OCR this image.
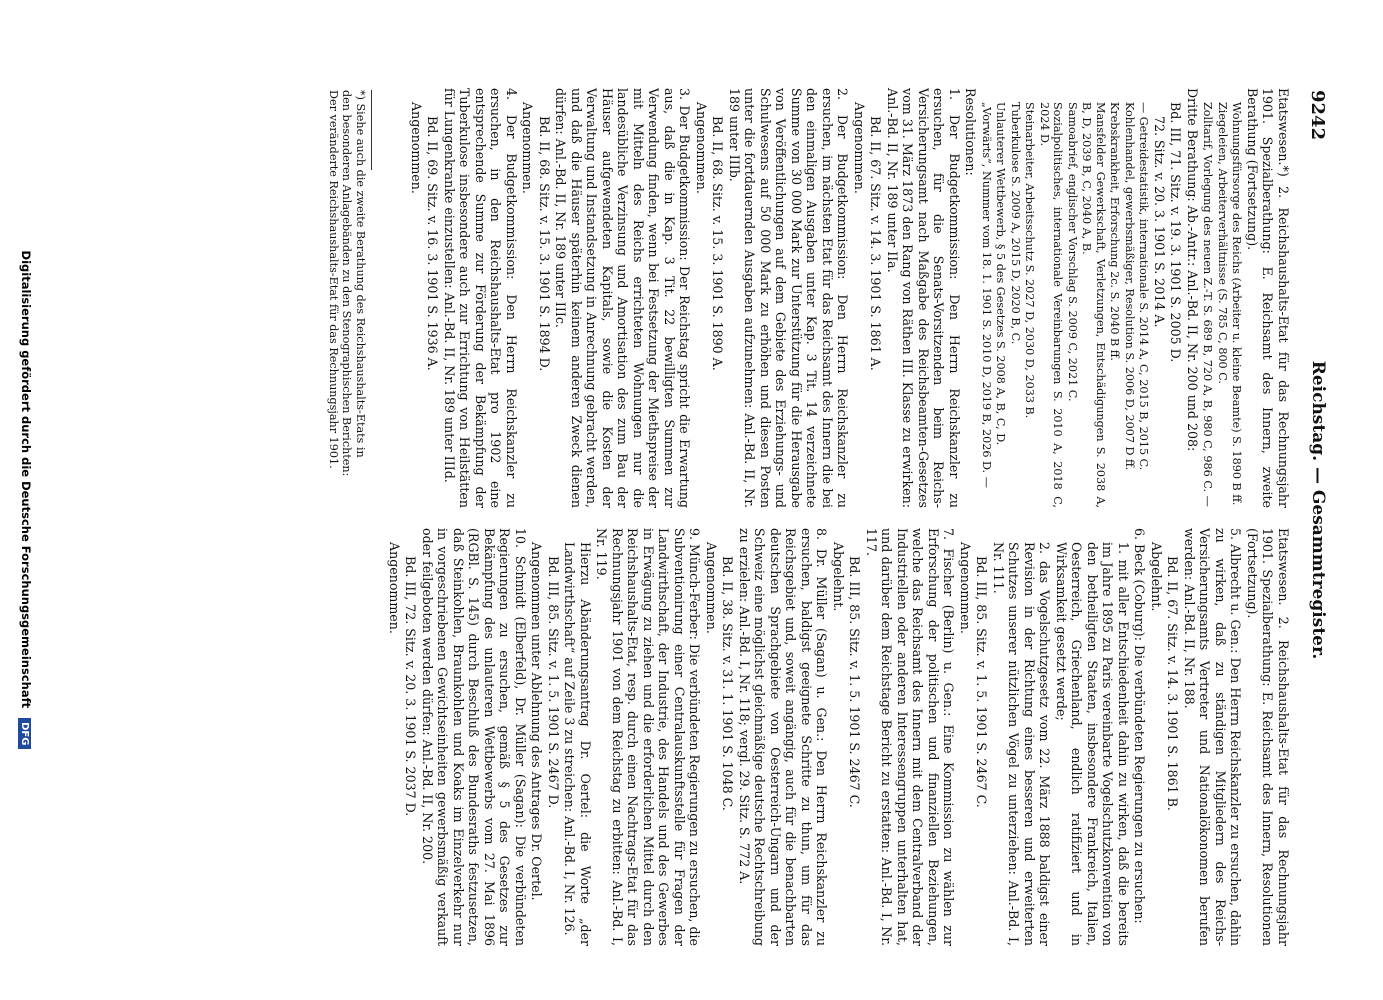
9242
Reichstag. — Gesammtregister.

Etatswesen.*) 2. Reichshaushalts-Etat für das Rechnungsjahr 1901. Spezialberathung: E. Reichsamt des Innern, zweite Berathung (Fortsetzung).

Wohnungsfürsorge des Reichs (Arbeiter u. kleine Beamte) S. 1890 B ff.

Ziegeleien, Arbeiterverhältnisse (S. 785 C, 800 C.

Zolltarif, Vorlegung des neuen Z.-T. S. 689 B, 720 A, B, 980 C, 986 C. —

Dritte Berathung: Ab.-Antr.: Anl.-Bd. II, Nr. 200 und 208:

Bd. III, 71. Sitz. v. 19. 3. 1901 S. 2005 D.

72. Sitz. v. 20. 3. 1901 S. 2014 A.

— Getreidestatistik, internationale S. 2014 A, C, 2015 B, 2015 C.

Kohlenhandel, gewerbsmäßiger, Resolution S. 2006 D, 2007 D ff.

Krebskrankheit, Erforschung 2c. S. 2040 B ff.

Mansfelder Gewerkschaft, Verletzungen, Entschädigungen S. 2038 A, B, D, 2039 B, C, 2040 A, B.

Samoabrief, englischer Vorschlag S. 2009 C, 2021 C.

Sozialpolitisches, internationale Vereinbarungen S. 2010 A, 2018 C, 2024 D.

Steinarbeiter, Arbeitsschutz S. 2027 D, 2030 D, 2033 B.

Tuberkulose S. 2009 A, 2015 D, 2020 B, C.

Unlauterer Wettbewerb, § 5 des Gesetzes S. 2008 A, B, C, D.

„Vorwärts“, Nummer vom 18. 1. 1901 S. 2010 D, 2019 B, 2026 D. —

Resolutionen:

1. Der Budgetkommission: Den Herrn Reichskanzler zu ersuchen, für die Senats-Vorsitzenden beim Reichs-Versicherungsamt nach Maßgabe des Reichsbeamten-Gesetzes vom 31. März 1873 den Rang von Räthen III. Klasse zu erwirken: Anl.-Bd. II, Nr. 189 unter IIa.

Bd. II, 67. Sitz. v. 14. 3. 1901 S. 1861 A.

Angenommen.

2. Der Budgetkommission: Den Herrn Reichskanzler zu ersuchen, im nächsten Etat für das Reichsamt des Innern die bei den einmaligen Ausgaben unter Kap. 3 Tit. 14 verzeichnete Summe von 30 000 Mark zur Unterstützung für die Herausgabe von Veröffentlichungen auf dem Gebiete des Erziehungs- und Schulwesens auf 50 000 Mark zu erhöhen und diesen Posten unter die fortdauernden Ausgaben aufzunehmen: Anl.-Bd. II, Nr. 189 unter IIIb.

Bd. II, 68. Sitz. v. 15. 3. 1901 S. 1890 A.

Angenommen.

3. Der Budgetkommission: Der Reichstag spricht die Erwartung aus, daß die in Kap. 3 Tit. 22 bewilligten Summen zur Verwendung finden, wenn bei Festsetzung der Miethspreise der mit Mitteln des Reichs errichteten Wohnungen nur die landesübliche Verzinsung und Amortisation des zum Bau der Häuser aufgewendeten Kapitals, sowie die Kosten der Verwaltung und Instandsetzung in Anrechnung gebracht werden, und daß die Häuser späterhin keinem anderen Zweck dienen dürfen: Anl.-Bd. II, Nr. 189 unter IIIc.

Bd. II, 68. Sitz. v. 15. 3. 1901 S. 1894 D.

Angenommen.

4. Der Budgetkommission: Den Herrn Reichskanzler zu ersuchen, in den Reichshaushalts-Etat pro 1902 eine entsprechende Summe zur Förderung der Bekämpfung der Tuberkulose insbesondere auch zur Errichtung von Heilstätten für Lungenkranke einzustellen: Anl.-Bd. II, Nr. 189 unter IIId.

Bd. II, 69. Sitz. v. 16. 3. 1901 S. 1936 A.

Angenommen.

*) Siehe auch die zweite Berathung des Reichshaushalts-Etats in den besonderen Anlagebänden zu den Stenographischen Berichten: Der veränderte Reichshaushalts-Etat für das Rechnungsjahr 1901.

Etatswesen. 2. Reichshaushalts-Etat für das Rechnungsjahr 1901. Spezialberathung: E. Reichsamt des Innern, Resolutionen (Fortsetzung).

5. Albrecht u. Gen.: Den Herrn Reichskanzler zu ersuchen, dahin zu wirken, daß zu ständigen Mitgliedern des Reichs-Versicherungsamts Vertreter und Nationalökonomen berufen werden: Anl.-Bd. II, Nr. 188.

Bd. II, 67. Sitz. v. 14. 3. 1901 S. 1861 B.

Abgelehnt.

6. Beck (Coburg): Die verbündeten Regierungen zu ersuchen:

1. mit aller Entschiedenheit dahin zu wirken, daß die bereits im Jahre 1895 zu Paris vereinbarte Vogelschutzkonvention von den betheiligten Staaten, insbesondere Frankreich, Italien, Oesterreich, Griechenland, endlich ratifiziert und in Wirksamkeit gesetzt werde;

2. das Vogelschutzgesetz vom 22. März 1888 baldigst einer Revision in der Richtung eines besseren und erweiterten Schutzes unserer nützlichen Vögel zu unterziehen: Anl.-Bd. I, Nr. 111.

Bd. III, 85. Sitz. v. 1. 5. 1901 S. 2467 C.

Angenommen.

7. Fischer (Berlin) u. Gen.: Eine Kommission zu wählen zur Erforschung der politischen und finanziellen Beziehungen, welche das Reichsamt des Innern mit dem Centralverband der Industriellen oder anderen Interessengruppen unterhalten hat, und darüber dem Reichstage Bericht zu erstatten: Anl.-Bd. I, Nr. 117.

Bd. III, 85. Sitz. v. 1. 5. 1901 S. 2467 C.

Abgelehnt.

8. Dr. Müller (Sagan) u. Gen.: Den Herrn Reichskanzler zu ersuchen, baldigst geeignete Schritte zu thun, um für das Reichsgebiet und, soweit angängig, auch für die benachbarten deutschen Sprachgebiete von Oesterreich-Ungarn und der Schweiz eine möglichst gleichmäßige deutsche Rechtschreibung zu erzielen: Anl.-Bd. I, Nr. 118; vergl. 29. Sitz. S. 772 A.

Bd. II, 38. Sitz. v. 31. 1. 1901 S. 1048 C.

Angenommen.

9. Münch-Ferber: Die verbündeten Regierungen zu ersuchen, die Subventionirung einer Centralauskunftsstelle für Fragen der Landwirthschaft, der Industrie, des Handels und des Gewerbes in Erwägung zu ziehen und die erforderlichen Mittel durch den Reichshaushalts-Etat, resp. durch einen Nachtrags-Etat für das Rechnungsjahr 1901 von dem Reichstag zu erbitten: Anl.-Bd. I, Nr. 119.

Hierzu Abänderungsantrag Dr. Oertel: die Worte „der Landwirthschaft“ auf Zeile 3 zu streichen: Anl.-Bd. I, Nr. 126.

Bd. III, 85. Sitz. v. 1. 5. 1901 S. 2467 D.

Angenommen unter Ablehnung des Antrages Dr. Oertel.

10. Schmidt (Elberfeld), Dr. Müller (Sagan): Die verbündeten Regierungen zu ersuchen, gemäß § 5 des Gesetzes zur Bekämpfung des unlauteren Wettbewerbs vom 27. Mai 1896 (RGBl. S. 145) durch Beschluß des Bundesraths festzusetzen, daß Steinkohlen, Braunkohlen und Koaks im Einzelverkehr nur in vorgeschriebenen Gewichtseinheiten gewerbsmäßig verkauft oder feilgeboten werden dürfen: Anl.-Bd. II, Nr. 200.

Bd. III, 72. Sitz. v. 20. 3. 1901 S. 2037 D.

Angenommen.

Digitalisierung gefördert durch die Deutsche Forschungsgemeinschaft DFG
